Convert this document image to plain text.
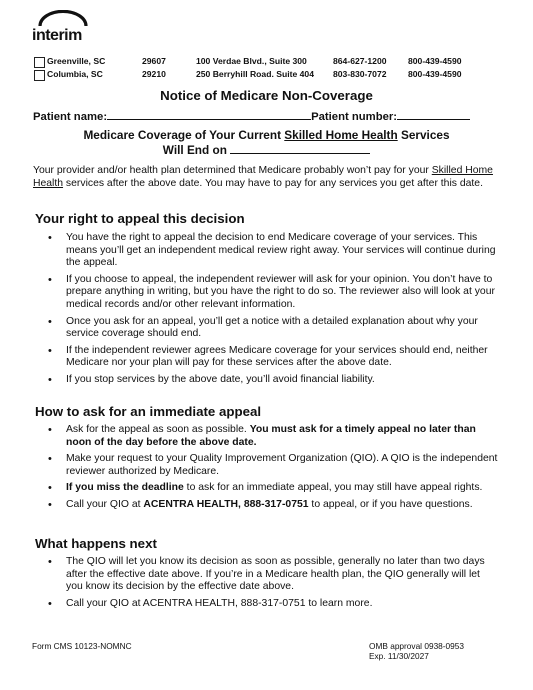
interim
Greenville, SC	29607	100 Verdae Blvd., Suite 300	864-627-1200 800-439-4590
Columbia, SC	29210	250 Berryhill Road. Suite 404 803-830-7072 800-439-4590
Notice of Medicare Non-Coverage
Patient name:	Patient number:
Medicare Coverage of Your Current Skilled Home Health Services
Will End on
Your provider and/or health plan determined that Medicare probably won’t pay for your Skilled Home Health services after the above date. You may have to pay for any services you get after this date.
Your right to appeal this decision
• You have the right to appeal the decision to end Medicare coverage of your services. This means you’ll get an independent medical review right away. Your services will continue during the appeal.
• If you choose to appeal, the independent reviewer will ask for your opinion. You don’t have to prepare anything in writing, but you have the right to do so. The reviewer also will look at your medical records and/or other relevant information.
• Once you ask for an appeal, you’ll get a notice with a detailed explanation about why your service coverage should end.
• If the independent reviewer agrees Medicare coverage for your services should end, neither Medicare nor your plan will pay for these services after the above date.
• If you stop services by the above date, you’ll avoid financial liability.
How to ask for an immediate appeal
• Ask for the appeal as soon as possible. You must ask for a timely appeal no later than noon of the day before the above date.
• Make your request to your Quality Improvement Organization (QIO). A QIO is the independent reviewer authorized by Medicare.
• If you miss the deadline to ask for an immediate appeal, you may still have appeal rights.
• Call your QIO at ACENTRA HEALTH, 888-317-0751 to appeal, or if you have questions.
What happens next
• The QIO will let you know its decision as soon as possible, generally no later than two days after the effective date above. If you’re in a Medicare health plan, the QIO generally will let you know its decision by the effective date above.
• Call your QIO at ACENTRA HEALTH, 888-317-0751 to learn more.
Form CMS 10123-NOMNC	OMB approval 0938-0953
Exp. 11/30/2027
